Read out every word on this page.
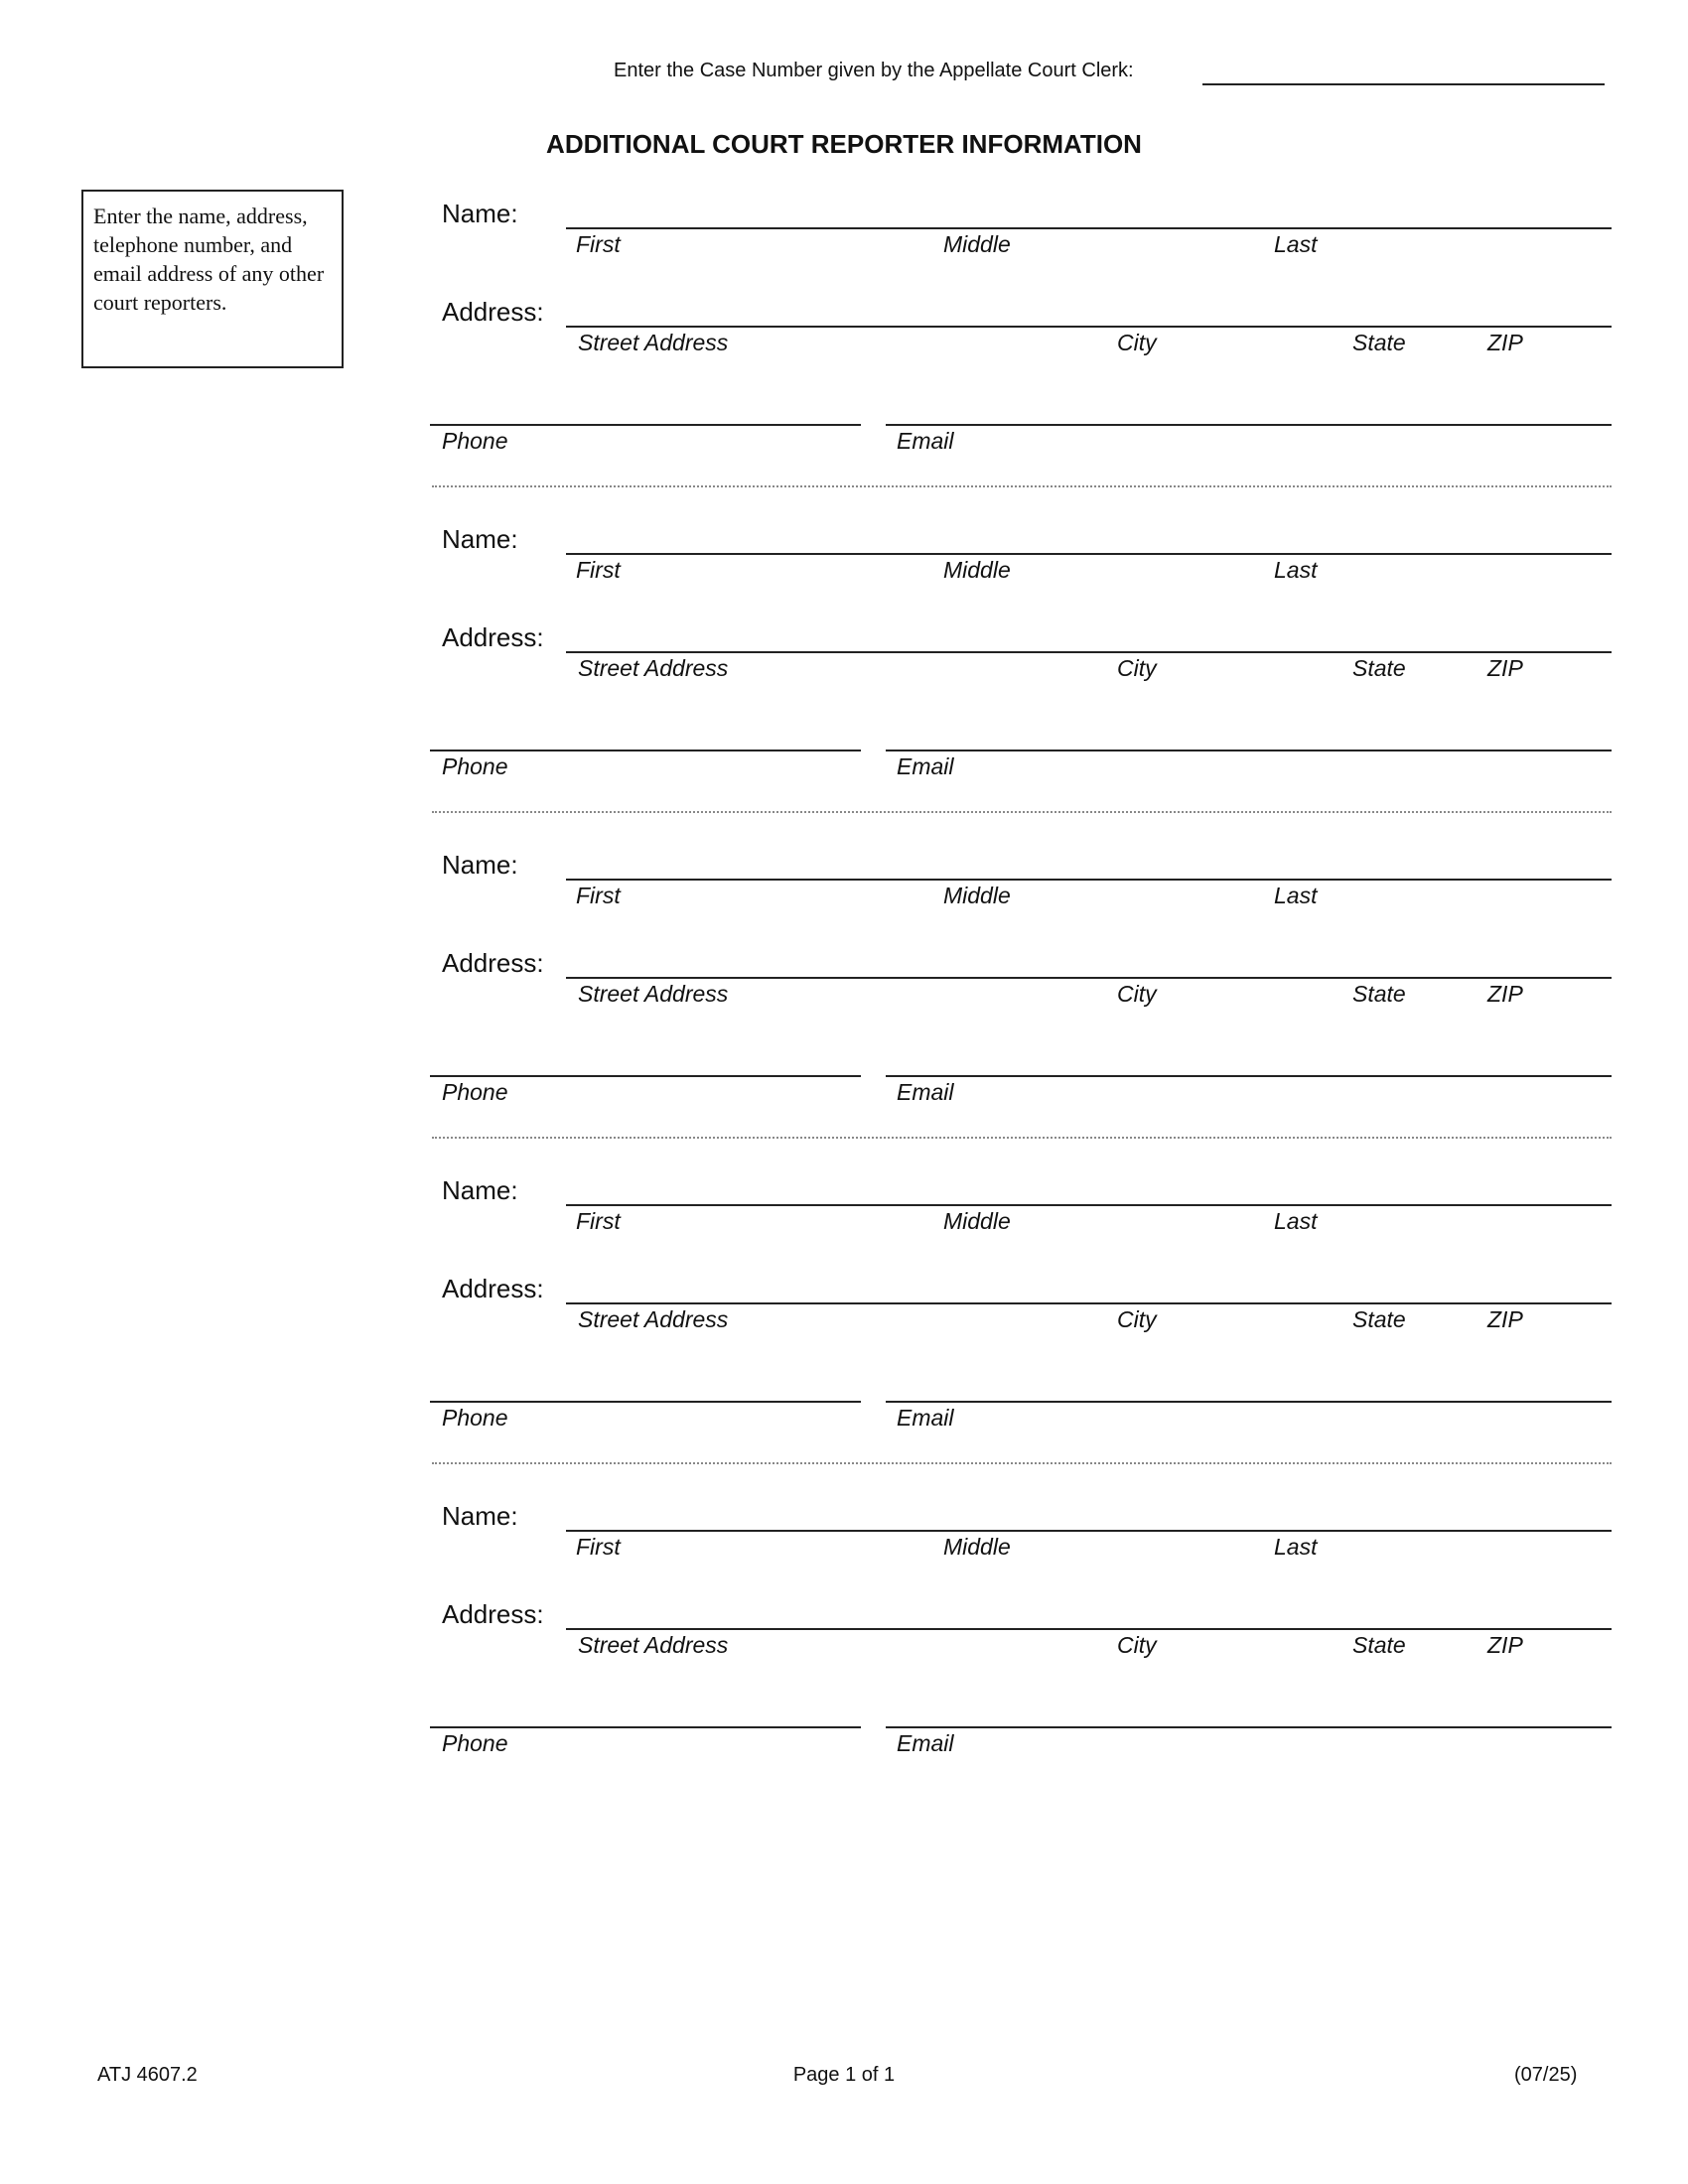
Enter the Case Number given by the Appellate Court Clerk:
ADDITIONAL COURT REPORTER INFORMATION
Enter the name, address, telephone number, and email address of any other court reporters.
Name:
First	Middle	Last
Address:
Street Address	City	State	ZIP
Phone	Email
Name:
First	Middle	Last
Address:
Street Address	City	State	ZIP
Phone	Email
Name:
First	Middle	Last
Address:
Street Address	City	State	ZIP
Phone	Email
Name:
First	Middle	Last
Address:
Street Address	City	State	ZIP
Phone	Email
Name:
First	Middle	Last
Address:
Street Address	City	State	ZIP
Phone	Email
ATJ 4607.2	Page 1 of 1	(07/25)
